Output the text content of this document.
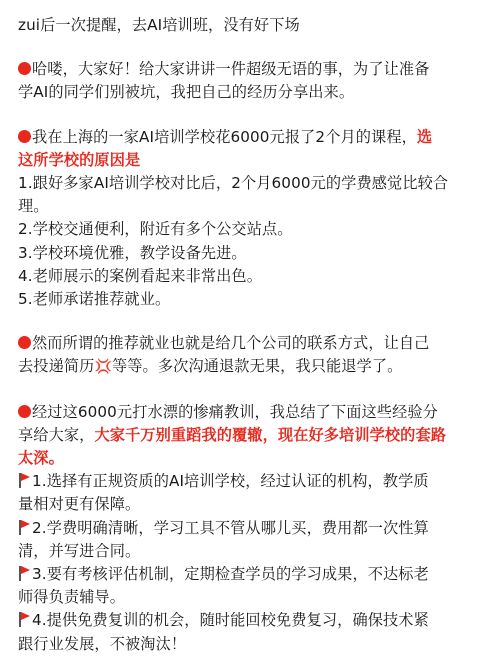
zui后一次提醒，去AI培训班，没有好下场
哈喽，大家好！给大家讲讲一件超级无语的事，为了让准备
学AI的同学们别被坑，我把自己的经历分享出来。
我在上海的一家AI培训学校花6000元报了2个月的课程，选
这所学校的原因是
1.跟好多家AI培训学校对比后，2个月6000元的学费感觉比较合
理。
2.学校交通便利，附近有多个公交站点。
3.学校环境优雅，教学设备先进。
4.老师展示的案例看起来非常出色。
5.老师承诺推荐就业。
然而所谓的推荐就业也就是给几个公司的联系方式，让自己
去投递简历💢等等。多次沟通退款无果，我只能退学了。
经过这6000元打水漂的惨痛教训，我总结了下面这些经验分
享给大家，大家千万别重蹈我的覆辙，现在好多培训学校的套路
太深。
1.选择有正规资质的AI培训学校，经过认证的机构，教学质
量相对更有保障。
2.学费明确清晰，学习工具不管从哪儿买，费用都一次性算
清，并写进合同。
3.要有考核评估机制，定期检查学员的学习成果，不达标老
师得负责辅导。
4.提供免费复训的机会，随时能回校免费复习，确保技术紧
跟行业发展，不被淘汰！
